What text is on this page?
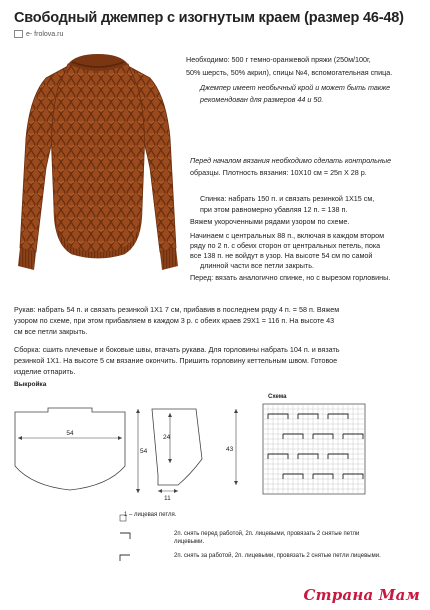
Свободный джемпер с изогнутым краем (размер 46-48)
e- frolova.ru
Необходимо: 500 г темно-оранжевой пряжи (250м/100г,
50% шерсть, 50% акрил), спицы №4, вспомогательная спица.
Джемпер имеет необычный крой и может быть также
рекомендован для размеров 44 и 50.
Перед началом вязания необходимо сделать контрольные
образцы. Плотность вязания: 10Х10 см = 25п Х 28 р.
Спинка: набрать 150 п. и связать резинкой 1Х15 см,
при этом равномерно убавляя 12 п. = 138 п.
Вяжем укороченными рядами узором по схеме.
Начинаем с центральных 88 п., включая в каждом втором
ряду по 2 п. с обеих сторон от центральных петель, пока
все 138 п. не войдут в узор. На высоте 54 см по самой
длинной части все петли закрыть.
Перед: вязать аналогично спинке, но с вырезом горловины.
Рукав: набрать 54 п. и связать резинкой 1Х1 7 см, прибавив в последнем ряду 4 п. = 58 п. Вяжем
узором по схеме, при этом прибавляем в каждом 3 р. с обеих краев 29Х1 = 116 п. На высоте 43
см все петли закрыть.
Сборка: сшить плечевые и боковые швы, втачать рукава. Для горловины набрать 104 п. и вязать
резинкой 1Х1. На высоте 5 см вязание окончить. Пришить горловину кеттельным швом. Готовое
изделие отпарить.
Выкройка
54
54
24
11
43
Схема
1 – лицевая петля.
2п. снять перед работой, 2п. лицевыми, провязать 2 снятые петли
лицевыми.
2п. снять за работой, 2п. лицевыми, провязать 2 снятые петли лицевыми.
Страна Мам
